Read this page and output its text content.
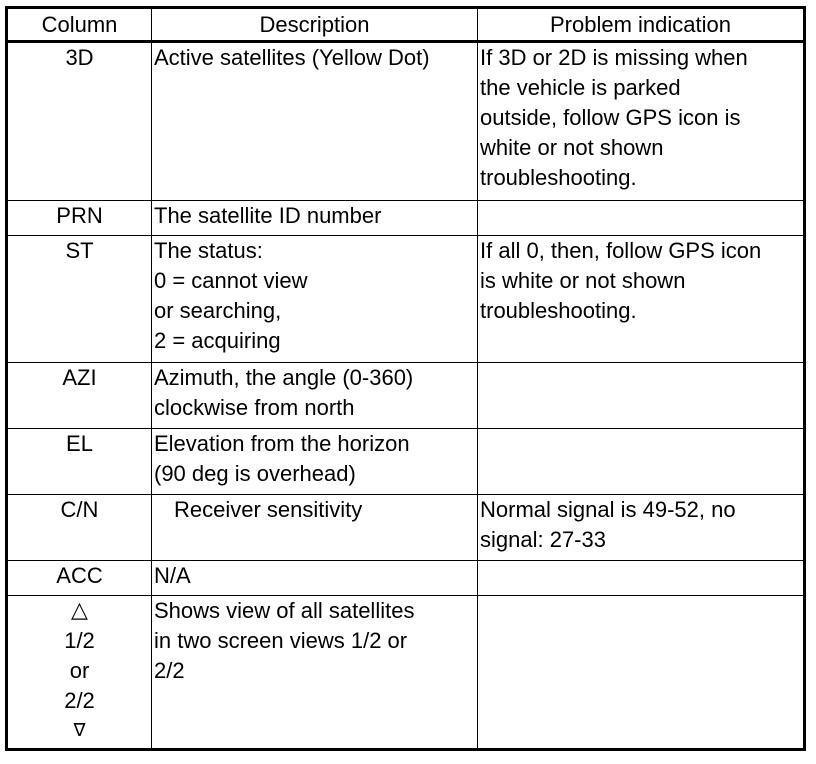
Column	Description	Problem indication

3D	Active satellites (Yellow Dot)	If 3D or 2D is missing when
the vehicle is parked
outside, follow GPS icon is
white or not shown
troubleshooting.

PRN	The satellite ID number	

ST	The status:
0 = cannot view
or searching,
2 = acquiring	If all 0, then, follow GPS icon
is white or not shown
troubleshooting.

AZI	Azimuth, the angle (0-360)
clockwise from north	

EL	Elevation from the horizon
(90 deg is overhead)	

C/N	Receiver sensitivity	Normal signal is 49-52, no
signal: 27-33

ACC	N/A	

△
1/2
or
2/2
∇	Shows view of all satellites
in two screen views 1/2 or
2/2	
